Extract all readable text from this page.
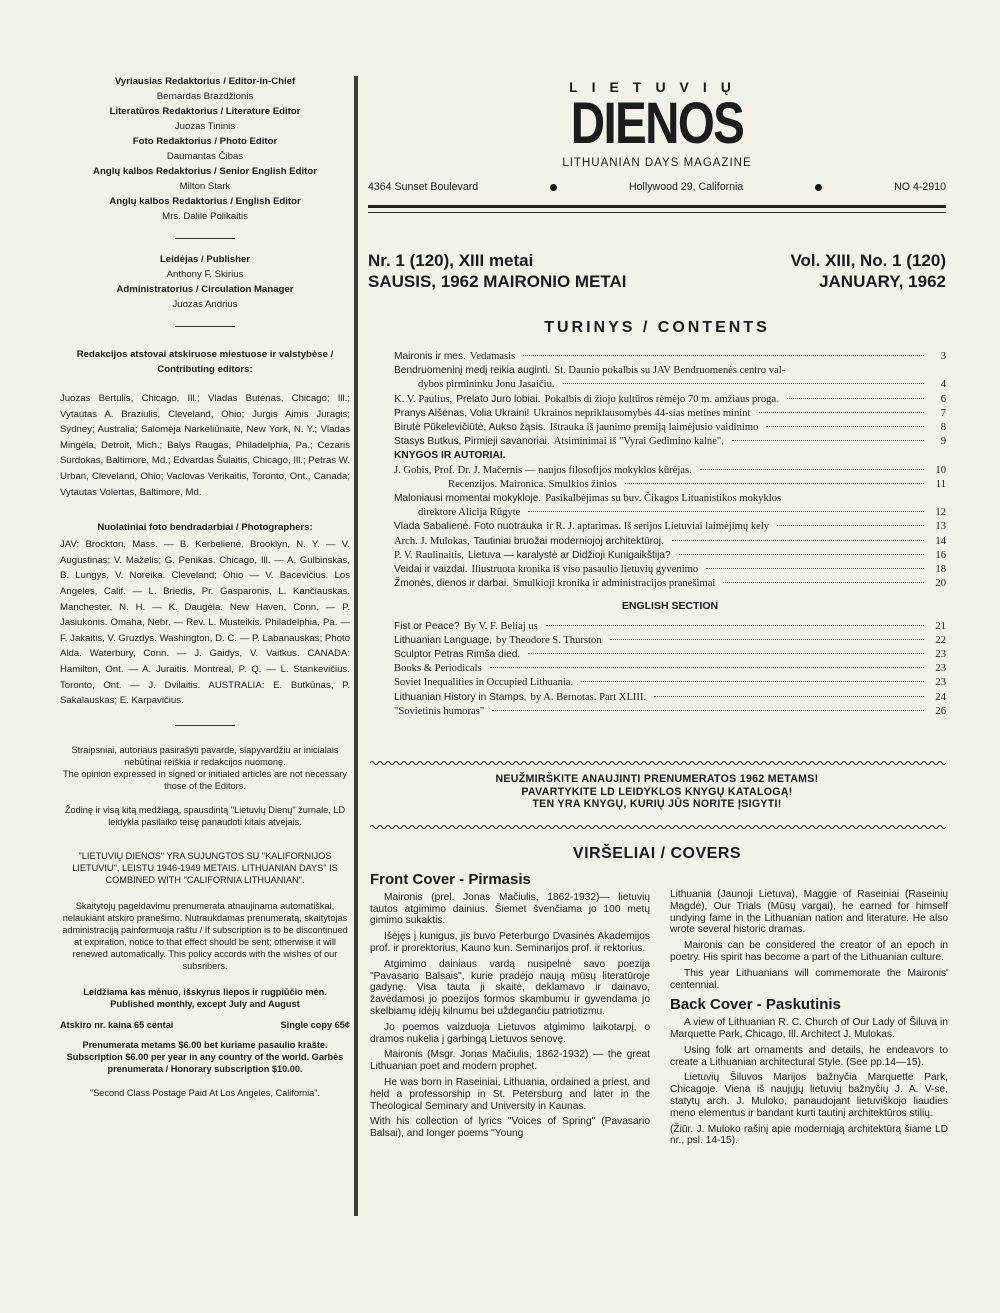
Vyriausias Redaktorius / Editor-in-Chief
Bernardas Brazdžionis
Literatūros Redaktorius / Literature Editor
Juozas Tininis
Foto Redaktorius / Photo Editor
Daumantas Čibas
Anglų kalbos Redaktorius / Senior English Editor
Milton Stark
Anglų kalbos Redaktorius / English Editor
Mrs. Dalilė Polikaitis
Leidėjas / Publisher
Anthony F. Skirius
Administratorius / Circulation Manager
Juozas Andrius
Redakcijos atstovai atskiruose miestuose ir valstybėse / Contributing editors:
Juozas Bertulis, Chicago, Ill.; Vladas Butėnas, Chicago; Ill.; Vytautas A. Braziulis, Cleveland, Ohio; Jurgis Aimis Juragis; Sydney; Australia; Salomėja Narkeliūnaitė, New York, N. Y.; Vladas Mingėla, Detroit, Mich.; Balys Raugas, Philadelphia, Pa.; Cezaris Surdokas, Baltimore, Md.; Edvardas Šulaitis, Chicago, Ill.; Petras W. Urban, Cleveland, Ohio; Vaclovas Verikaitis, Toronto, Ont., Canada; Vytautas Volertas, Baltimore, Md.
Nuolatiniai foto bendradarbiai / Photographers:
JAV: Brockton, Mass. — B. Kerbelienė. Brooklyn, N. Y. — V. Augustinas; V. Maželis; G. Penikas. Chicago, Ill. — A. Gulbinskas, B. Lungys, V. Noreika. Cleveland; Ohio — V. Bacevičius. Los Angeles, Calif. — L. Briedis, Pr. Gasparonis, L. Kančiauskas. Manchester, N. H. — K. Daugėla. New Haven, Conn. — P. Jasiukonis. Omaha, Nebr. — Rev. L. Musteikis. Philadelphia, Pa. — F. Jakaitis, V. Gruzdys. Washington, D. C. — P. Labanauskas; Photo Alda. Waterbury, Conn. — J. Gaidys, V. Vaitkus. CANADA: Hamilton, Ont. — A. Juraitis. Montreal, P. Q. — L. Stankevičius. Toronto, Ont. — J. Dvilaitis. AUSTRALIA: E. Butkūnas, P. Sakalauskas; E. Karpavičius.
Straipsniai, autoriaus pasirašyti pavarde, slapyvardžiu ar inicialais nebūtinai reiškia ir redakcijos nuomonę.
The opinion expressed in signed or initialed articles are not necessary those of the Editors.
Žodinę ir visą kitą medžiagą, spausdintą "Lietuvių Dienų" žurnale, LD leidykla pasilaiko teisę panaudoti kitais atvejais.
"LIETUVIŲ DIENOS" YRA SUJUNGTOS SU "KALIFORNIJOS LIETUVIU", LEISTU 1946-1949 METAIS. LITHUANIAN DAYS" IS COMBINED WITH "CALIFORNIA LITHUANIAN".
Skaitytojų pageidavimu prenumerata atnaujinama automatiškai, nelaukiant atskiro pranešimo. Nutraukdamas prenumeratą, skaitytojas administraciją painformuoja raštu / If subscription is to be discontinued at expiration, notice to that effect should be sent; otherwise it will renewed automatically. This policy accords with the wishes of our subsribers.
Leidžiama kas mėnuo, išskyrus liepos ir rugpiūčio mėn.
Published monthly, except July and August
Atskiro nr. kaina 65 centai	Single copy 65¢
Prenumerata metams $6.00 bet kuriame pasaulio krašte. Subscription $6.00 per year in any country of the world. Garbės prenumerata / Honorary subscription $10.00.
"Second Class Postage Paid At Los Angeles, California".
LIETUVIŲ
DIENOS
LITHUANIAN DAYS MAGAZINE
4364 Sunset Boulevard	Hollywood 29, California	NO 4-2910
Nr. 1 (120), XIII metai
SAUSIS, 1962 MAIRONIO METAI
Vol. XIII, No. 1 (120)
JANUARY, 1962
TURINYS / CONTENTS
Maironis ir mes. Vedamasis	3
Bendruomeninį medį reikia auginti. St. Daunio pokalbis su JAV Bendruomenės centro val-
dybos pirmininku Jonu Jasaičiu.	4
K. V. Paulius, Prelato Juro lobiai. Pokalbis di žiojo kultūros rėmėjo 70 m. amžiaus proga.	6
Pranys Alšėnas, Volia Ukraini! Ukrainos nepriklausomybės 44-sias metines minint	7
Birutė Pūkelevičiūtė, Aukso žąsis. Ištrauka iš jaunimo premiją laimėjusio vaidinimo	8
Stasys Butkus, Pirmieji savanoriai. Atsiminimai iš "Vyrai Gedimino kalne".	9
KNYGOS IR AUTORIAI.
J. Gobis, Prof. Dr. J. Mačernis — naujos filosofijos mokyklos kūrėjas.	10
Recenzijos. Maironica. Smulkios žinios	11
Maloniausi momentai mokykloje. Pasikalbėjimas su buv. Čikagos Lituanistikos mokyklos
direktore Alicija Rūgyte	12
Vlada Sabalienė. Foto nuotrauka ir R. J. aptarimas. Iš serijos Lietuviai laimėjimų kely	13
Arch. J. Mulokas, Tautiniai bruožai moderniojoj architektūroj.	14
P. V. Raulinaitis, Lietuva — karalystė ar Didžioji Kunigaikštija?	16
Veidai ir vaizdai. Iliustruota kronika iš viso pasaulio lietuvių gyvenimo	18
Žmonės, dienos ir darbai. Smulkioji kronika ir administracijos pranešimai	20
ENGLISH SECTION
Fist or Peace? By V. F. Beliaj us	21
Lithuanian Language, by Theodore S. Thurston	22
Sculptor Petras Rimša died.	23
Books & Periodicals	23
Soviet Inequalities in Occupied Lithuania.	23
Lithuanian History in Stamps, by A. Bernotas. Part XLIII.	24
"Sovietinis humoras"	26
NEUŽMIRŠKITE ANAUJINTI PRENUMERATOS 1962 METAMS!
PAVARTYKITE LD LEIDYKLOS KNYGŲ KATALOGĄ!
TEN YRA KNYGŲ, KURIŲ JŪS NORITE ĮSIGYTI!
VIRŠELIAI / COVERS
Front Cover - Pirmasis

Maironis (prel. Jonas Mačiulis, 1862-1932)— lietuvių tautos atgimimo dainius. Šiemet švenčiama jo 100 metų gimimo sukaktis.

Išėjęs į kunigus, jis buvo Peterburgo Dvasinės Akademijos prof. ir prorektorius, Kauno kun. Seminarijos prof. ir rektorius.

Atgimimo dainiaus vardą nusipelnė savo poezija "Pavasario Balsais", kurie pradėjo naują mūsų literatūroje gadynę. Visa tauta ji skaitė, deklamavo ir dainavo, žavėdamosi jo poezijos formos skambumu ir gyvendama jo skelbiamų idėjų kilnumu bei uždegančiu patriotizmu.

Jo poemos vaizduoja Lietuvos atgimimo laikotarpį, o dramos nukelia į garbingą Lietuvos senovę.

Maironis (Msgr. Jonas Mačiulis, 1862-1932) — the great Lithuanian poet and modern prophet.

He was born in Raseiniai, Lithuania, ordained a priest, and held a professorship in St. Petersburg and later in the Theological Seminary and University in Kaunas.

With his collection of lyrics "Voices of Spring" (Pavasario Balsai), and longer poems "Young

Lithuania (Jaunoji Lietuva), Maggie of Raseiniai (Raseinių Magdė), Our Trials (Mūsų vargai), he earned for himself undying fame in the Lithuanian nation and literature. He also wrote several historic dramas.

Maironis can be considered the creator of an epoch in poetry. His spirit has become a part of the Lithuanian culture.

This year Lithuanians will commemorate the Maironis' centennial.

Back Cover - Paskutinis

A view of Lithuanian R. C. Church of Our Lady of Šiluva in Marquette Park, Chicago, Ill. Architect J. Mulokas.

Using folk art ornaments and details, he endeavors to create a Lithuanian architectural Style. (See pp.14—15).

Lietuvių Šiluvos Marijos bažnyčia Marquette Park, Chicagoje. Viena iš naujųjų lietuvių bažnyčių J. A. V-se, statytų arch. J. Muloko, panaudojant lietuviškojo liaudies meno elementus ir bandant kurti tautinį architektūros stilių.

(Žiūr. J. Muloko rašinį apie moderniąją architektūrą šiame LD nr., psl. 14-15).
